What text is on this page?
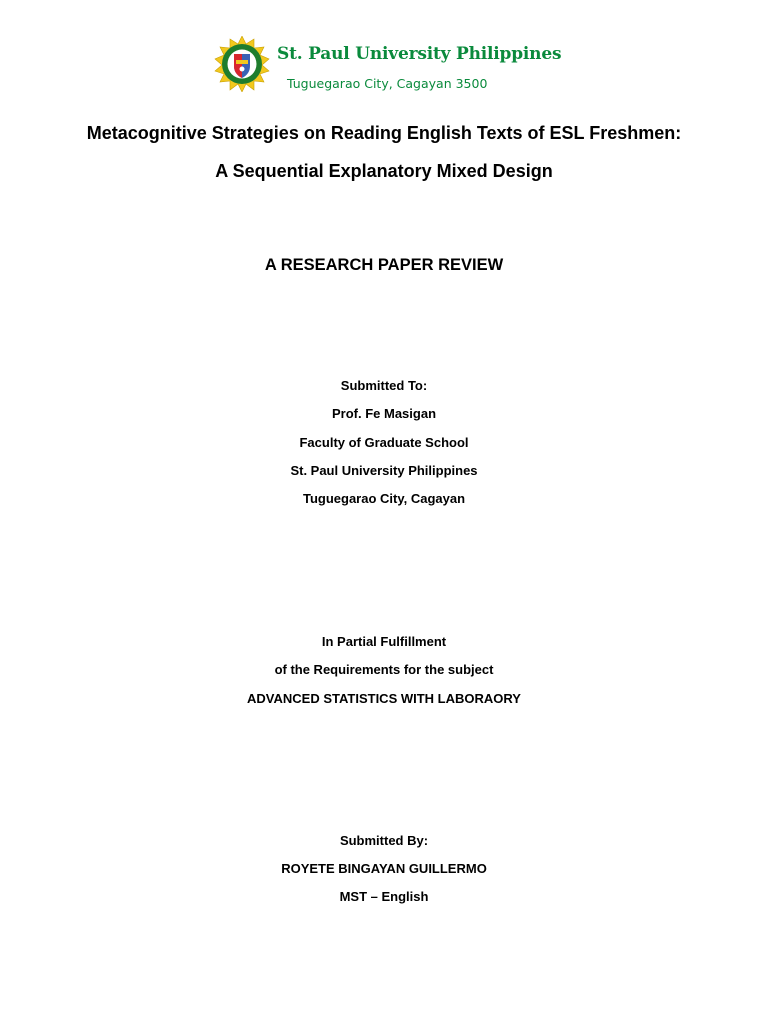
St. Paul University Philippines
Tuguegarao City, Cagayan 3500
Metacognitive Strategies on Reading English Texts of ESL Freshmen:
A Sequential Explanatory Mixed Design
A RESEARCH PAPER REVIEW
Submitted To:
Prof. Fe Masigan
Faculty of Graduate School
St. Paul University Philippines
Tuguegarao City, Cagayan
In Partial Fulfillment
of the Requirements for the subject
ADVANCED STATISTICS WITH LABORAORY
Submitted By:
ROYETE BINGAYAN GUILLERMO
MST – English
